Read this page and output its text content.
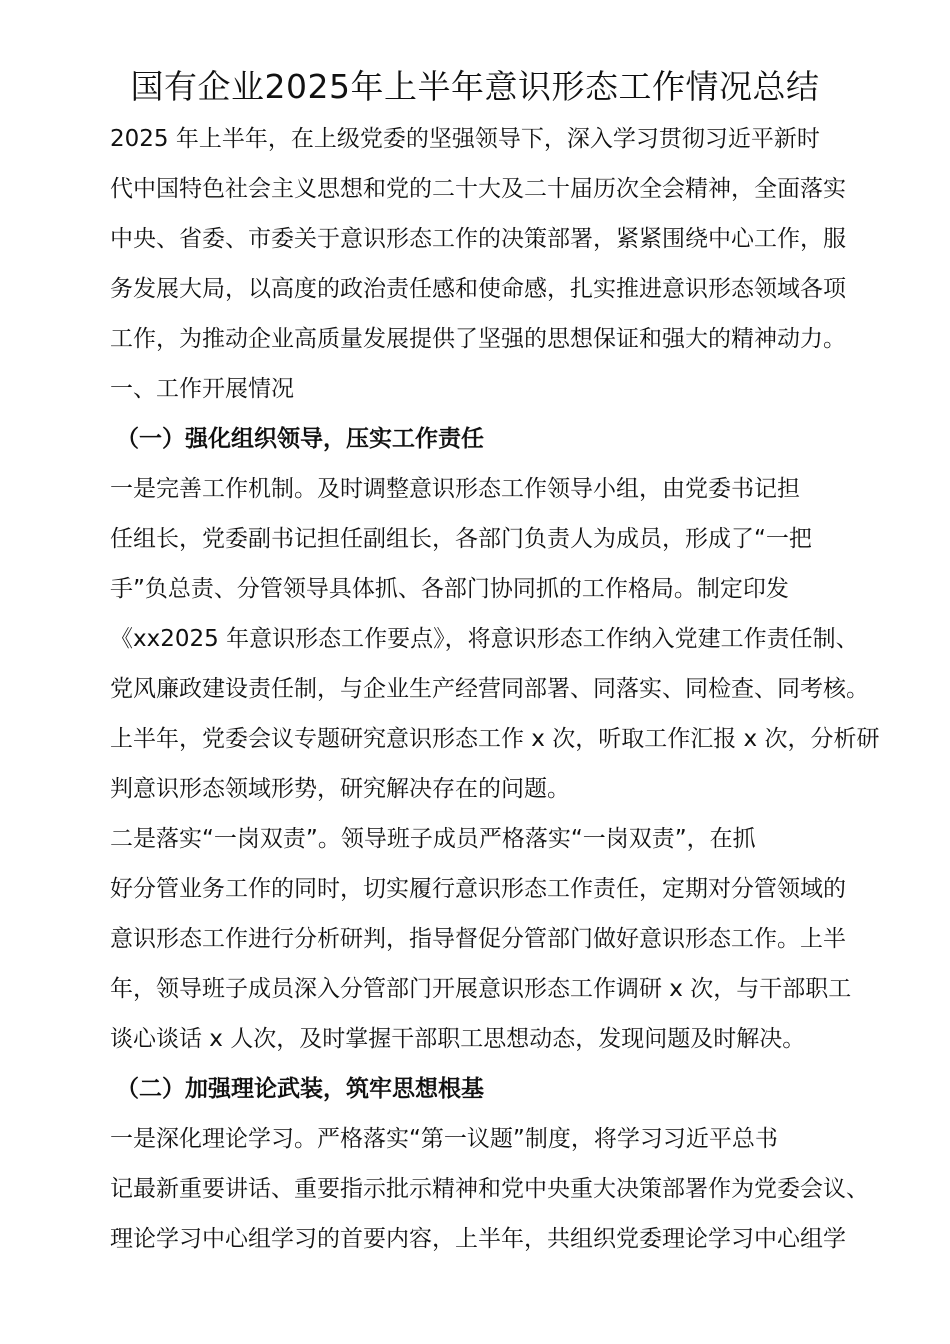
国有企业2025年上半年意识形态工作情况总结
2025 年上半年，在上级党委的坚强领导下，深入学习贯彻习近平新时
代中国特色社会主义思想和党的二十大及二十届历次全会精神，全面落实
中央、省委、市委关于意识形态工作的决策部署，紧紧围绕中心工作，服
务发展大局，以高度的政治责任感和使命感，扎实推进意识形态领域各项
工作，为推动企业高质量发展提供了坚强的思想保证和强大的精神动力。
一、工作开展情况
（一）强化组织领导，压实工作责任
一是完善工作机制。及时调整意识形态工作领导小组，由党委书记担
任组长，党委副书记担任副组长，各部门负责人为成员，形成了“一把
手”负总责、分管领导具体抓、各部门协同抓的工作格局。制定印发
《xx2025 年意识形态工作要点》，将意识形态工作纳入党建工作责任制、
党风廉政建设责任制，与企业生产经营同部署、同落实、同检查、同考核。
上半年，党委会议专题研究意识形态工作 x 次，听取工作汇报 x 次，分析研
判意识形态领域形势，研究解决存在的问题。
二是落实“一岗双责”。领导班子成员严格落实“一岗双责”，在抓
好分管业务工作的同时，切实履行意识形态工作责任，定期对分管领域的
意识形态工作进行分析研判，指导督促分管部门做好意识形态工作。上半
年，领导班子成员深入分管部门开展意识形态工作调研 x 次，与干部职工
谈心谈话 x 人次，及时掌握干部职工思想动态，发现问题及时解决。
（二）加强理论武装，筑牢思想根基
一是深化理论学习。严格落实“第一议题”制度，将学习习近平总书
记最新重要讲话、重要指示批示精神和党中央重大决策部署作为党委会议、
理论学习中心组学习的首要内容，上半年，共组织党委理论学习中心组学
